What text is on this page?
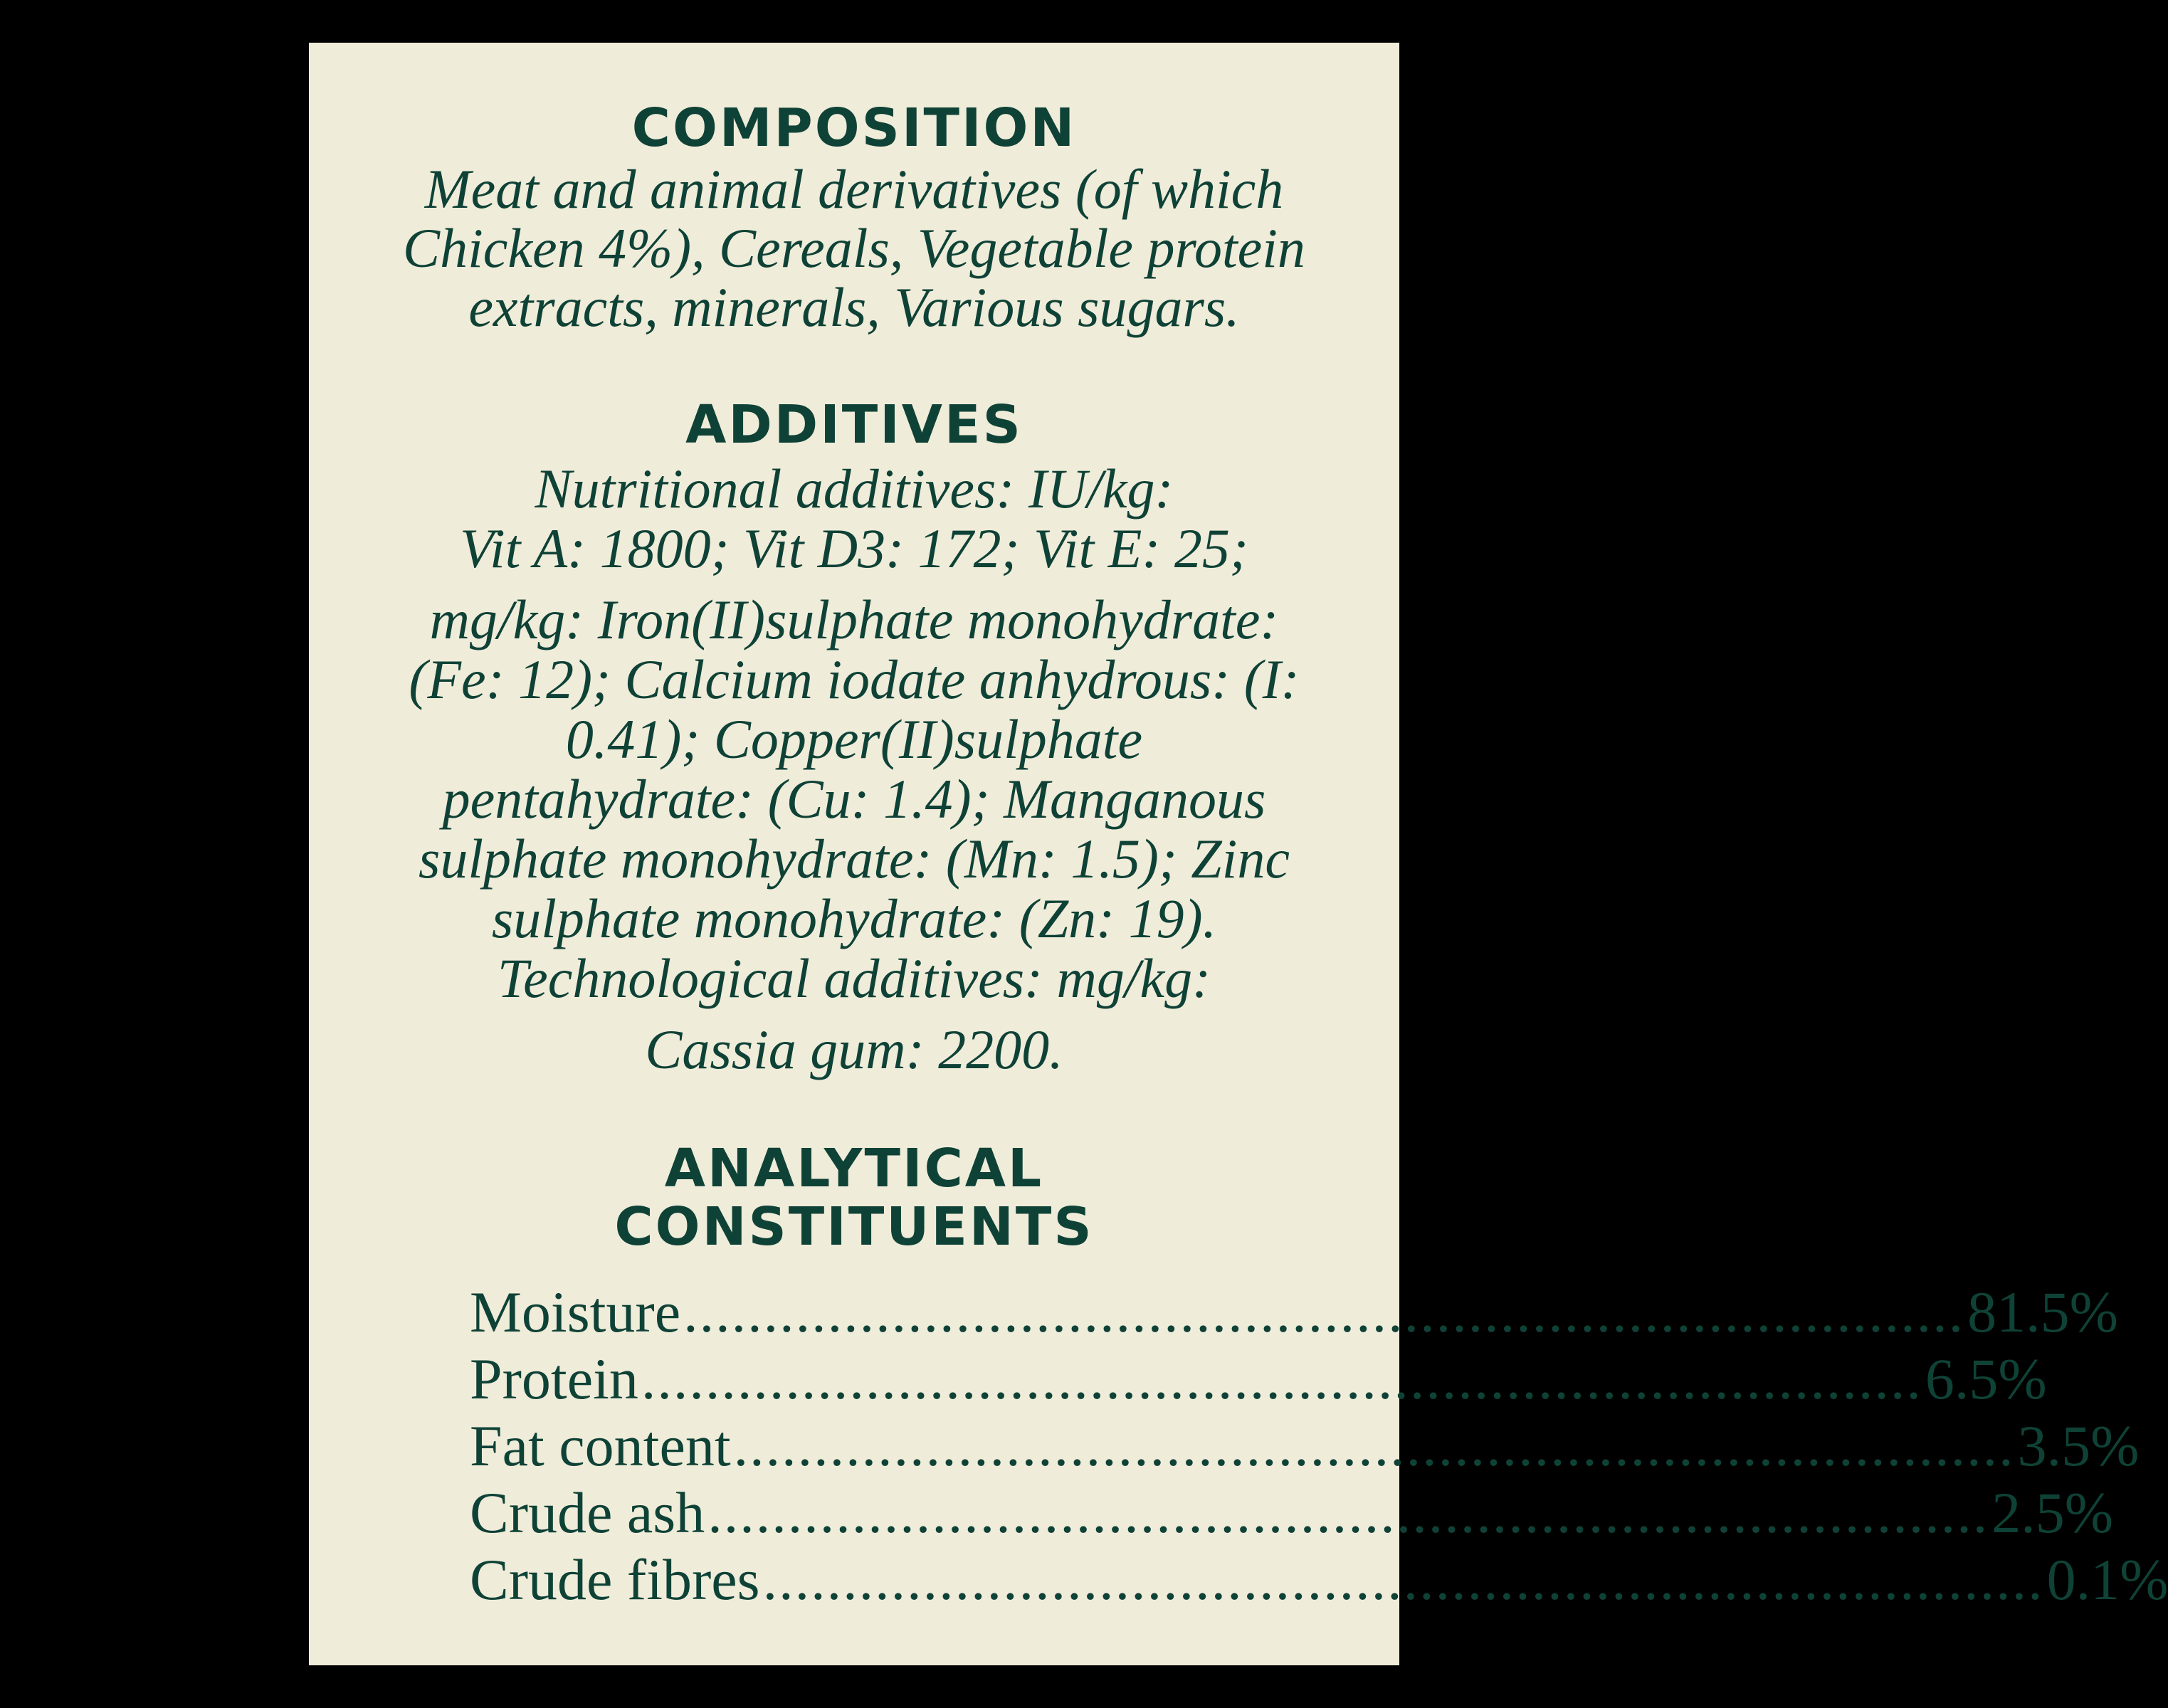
COMPOSITION

Meat and animal derivatives (of which
Chicken 4%), Cereals, Vegetable protein
extracts, minerals, Various sugars.

ADDITIVES

Nutritional additives: IU/kg:
Vit A: 1800; Vit D3: 172; Vit E: 25;
mg/kg: Iron(II)sulphate monohydrate:
(Fe: 12); Calcium iodate anhydrous: (I:
0.41); Copper(II)sulphate
pentahydrate: (Cu: 1.4); Manganous
sulphate monohydrate: (Mn: 1.5); Zinc
sulphate monohydrate: (Zn: 19).
Technological additives: mg/kg:
Cassia gum: 2200.

ANALYTICAL
CONSTITUENTS
Moisture ................................................................................ 81.5%
Protein ................................................................................ 6.5%
Fat content ................................................................................ 3.5%
Crude ash ................................................................................ 2.5%
Crude fibres ................................................................................ 0.1%
